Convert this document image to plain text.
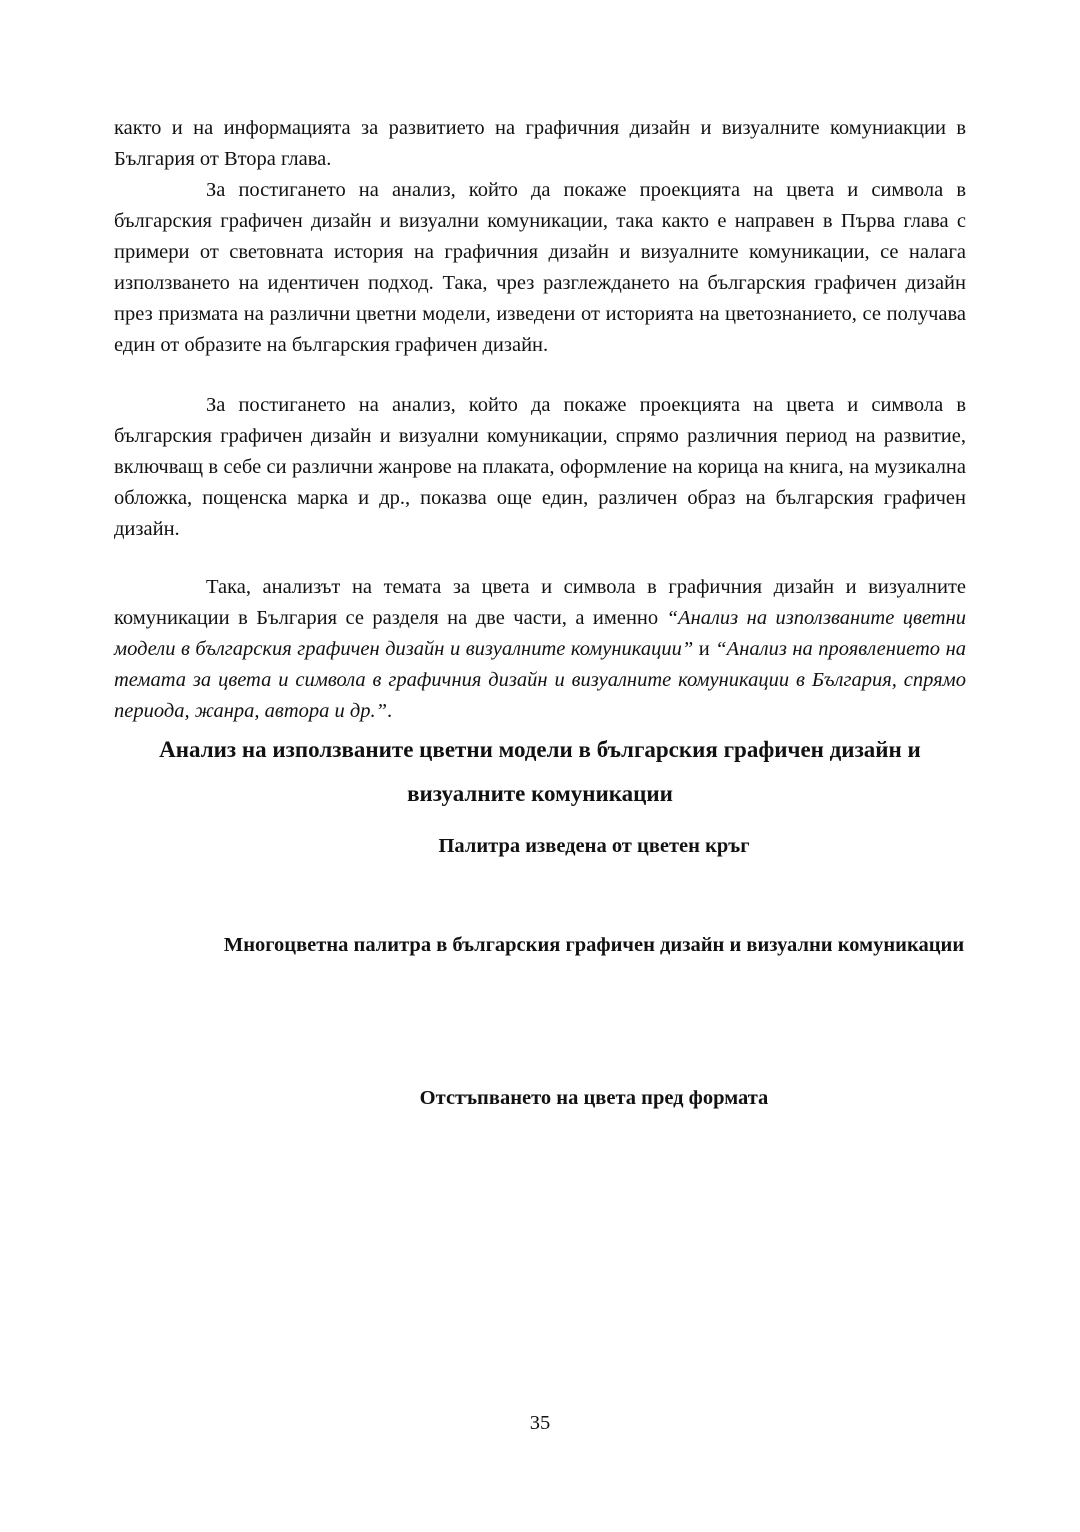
както и на информацията за развитието на графичния дизайн и визуалните комуниакции в България от Втора глава.

За постигането на анализ, който да покаже проекцията на цвета и символа в българския графичен дизайн и визуални комуникации, така както е направен в Първа глава с примери от световната история на графичния дизайн и визуалните комуникации, се налага използването на идентичен подход. Така, чрез разглеждането на българския графичен дизайн през призмата на различни цветни модели, изведени от историята на цветознанието, се получава един от образите на българския графичен дизайн.

За постигането на анализ, който да покаже проекцията на цвета и символа в българския графичен дизайн и визуални комуникации, спрямо различния период на развитие, включващ в себе си различни жанрове на плаката, оформление на корица на книга, на музикална обложка, пощенска марка и др., показва още един, различен образ на българския графичен дизайн.

Така, анализът на темата за цвета и символа в графичния дизайн и визуалните комуникации в България се разделя на две части, а именно “Анализ на използваните цветни модели в българския графичен дизайн и визуалните комуникации” и “Анализ на проявлението на темата за цвета и символа в графичния дизайн и визуалните комуникации в България, спрямо периода, жанра, автора и др.”.

Анализ на използваните цветни модели в българския графичен дизайн и визуалните комуникации
Палитра изведена от цветен кръг
Многоцветна палитра в българския графичен дизайн и визуални комуникации
Отстъпването на цвета пред формата
35
